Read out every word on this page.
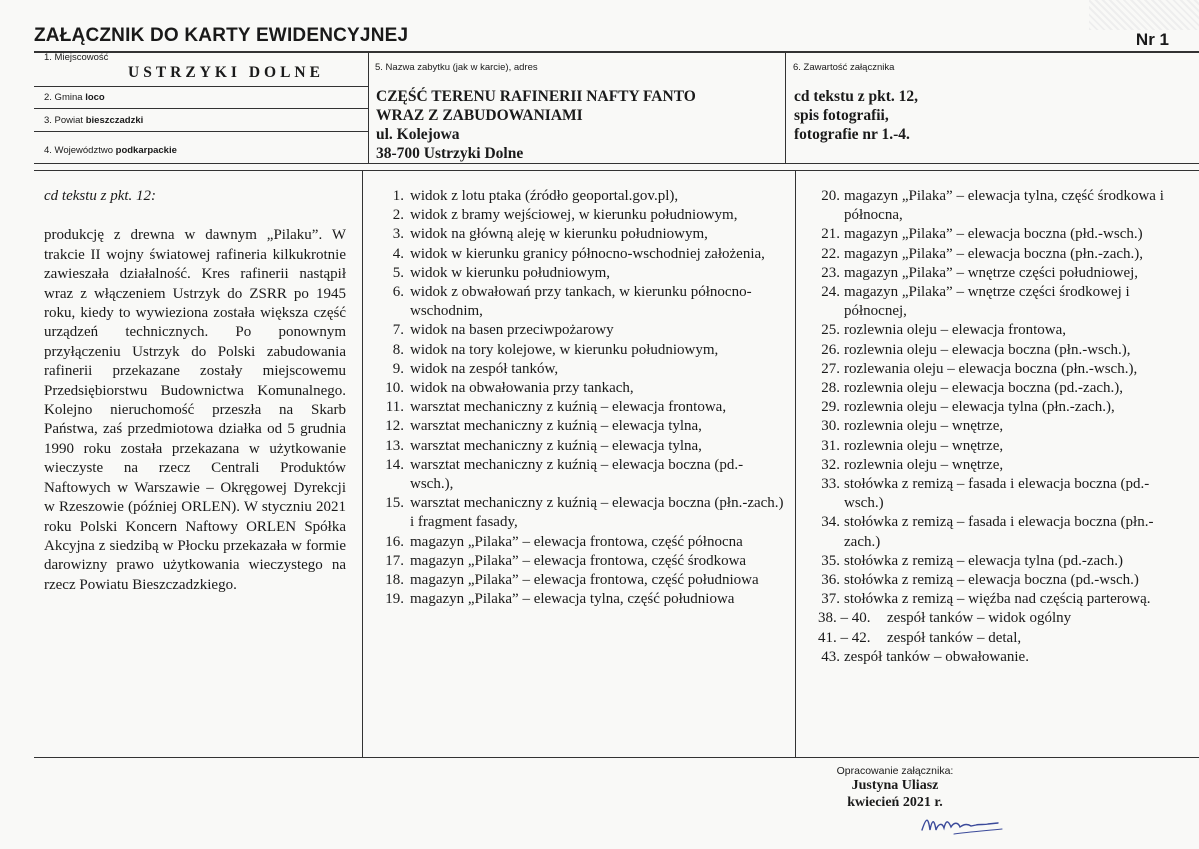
ZAŁĄCZNIK DO KARTY EWIDENCYJNEJ	Nr 1
1. Miejscowość
USTRZYKI DOLNE
2. Gmina loco
3. Powiat bieszczadzki
4. Województwo podkarpackie
5. Nazwa zabytku (jak w karcie), adres
CZĘŚĆ TERENU RAFINERII NAFTY FANTO
WRAZ Z ZABUDOWANIAMI
ul. Kolejowa
38-700 Ustrzyki Dolne
6. Zawartość załącznika
cd tekstu z pkt. 12,
spis fotografii,
fotografie nr 1.-4.

cd tekstu z pkt. 12:

produkcję z drewna w dawnym „Pilaku”. W trakcie II wojny światowej rafineria kilkukrotnie zawieszała działalność. Kres rafinerii nastąpił wraz z włączeniem Ustrzyk do ZSRR po 1945 roku, kiedy to wywieziona została większa część urządzeń technicznych. Po ponownym przyłączeniu Ustrzyk do Polski zabudowania rafinerii przekazane zostały miejscowemu Przedsiębiorstwu Budownictwa Komunalnego. Kolejno nieruchomość przeszła na Skarb Państwa, zaś przedmiotowa działka od 5 grudnia 1990 roku została przekazana w użytkowanie wieczyste na rzecz Centrali Produktów Naftowych w Warszawie – Okręgowej Dyrekcji w Rzeszowie (później ORLEN). W styczniu 2021 roku Polski Koncern Naftowy ORLEN Spółka Akcyjna z siedzibą w Płocku przekazała w formie darowizny prawo użytkowania wieczystego na rzecz Powiatu Bieszczadzkiego.

1. widok z lotu ptaka (źródło geoportal.gov.pl),
2. widok z bramy wejściowej, w kierunku południowym,
3. widok na główną aleję w kierunku południowym,
4. widok w kierunku granicy północno-wschodniej założenia,
5. widok w kierunku południowym,
6. widok z obwałowań przy tankach, w kierunku północno-wschodnim,
7. widok na basen przeciwpożarowy
8. widok na tory kolejowe, w kierunku południowym,
9. widok na zespół tanków,
10. widok na obwałowania przy tankach,
11. warsztat mechaniczny z kuźnią – elewacja frontowa,
12. warsztat mechaniczny z kuźnią – elewacja tylna,
13. warsztat mechaniczny z kuźnią – elewacja tylna,
14. warsztat mechaniczny z kuźnią – elewacja boczna (pd.-wsch.),
15. warsztat mechaniczny z kuźnią – elewacja boczna (płn.-zach.) i fragment fasady,
16. magazyn „Pilaka” – elewacja frontowa, część północna
17. magazyn „Pilaka” – elewacja frontowa, część środkowa
18. magazyn „Pilaka” – elewacja frontowa, część południowa
19. magazyn „Pilaka” – elewacja tylna, część południowa
20. magazyn „Pilaka” – elewacja tylna, część środkowa i północna,
21. magazyn „Pilaka” – elewacja boczna (płd.-wsch.)
22. magazyn „Pilaka” – elewacja boczna (płn.-zach.),
23. magazyn „Pilaka” – wnętrze części południowej,
24. magazyn „Pilaka” – wnętrze części środkowej i północnej,
25. rozlewnia oleju – elewacja frontowa,
26. rozlewnia oleju – elewacja boczna (płn.-wsch.),
27. rozlewania oleju – elewacja boczna (płn.-wsch.),
28. rozlewnia oleju – elewacja boczna (pd.-zach.),
29. rozlewnia oleju – elewacja tylna (płn.-zach.),
30. rozlewnia oleju – wnętrze,
31. rozlewnia oleju – wnętrze,
32. rozlewnia oleju – wnętrze,
33. stołówka z remizą – fasada i elewacja boczna (pd.-wsch.)
34. stołówka z remizą – fasada i elewacja boczna (płn.-zach.)
35. stołówka z remizą – elewacja tylna (pd.-zach.)
36. stołówka z remizą – elewacja boczna (pd.-wsch.)
37. stołówka z remizą – więźba nad częścią parterową.
38. – 40.	zespół tanków – widok ogólny
41. – 42.	zespół tanków – detal,
43. zespół tanków – obwałowanie.
Opracowanie załącznika:
Justyna Uliasz
kwiecień 2021 r.
